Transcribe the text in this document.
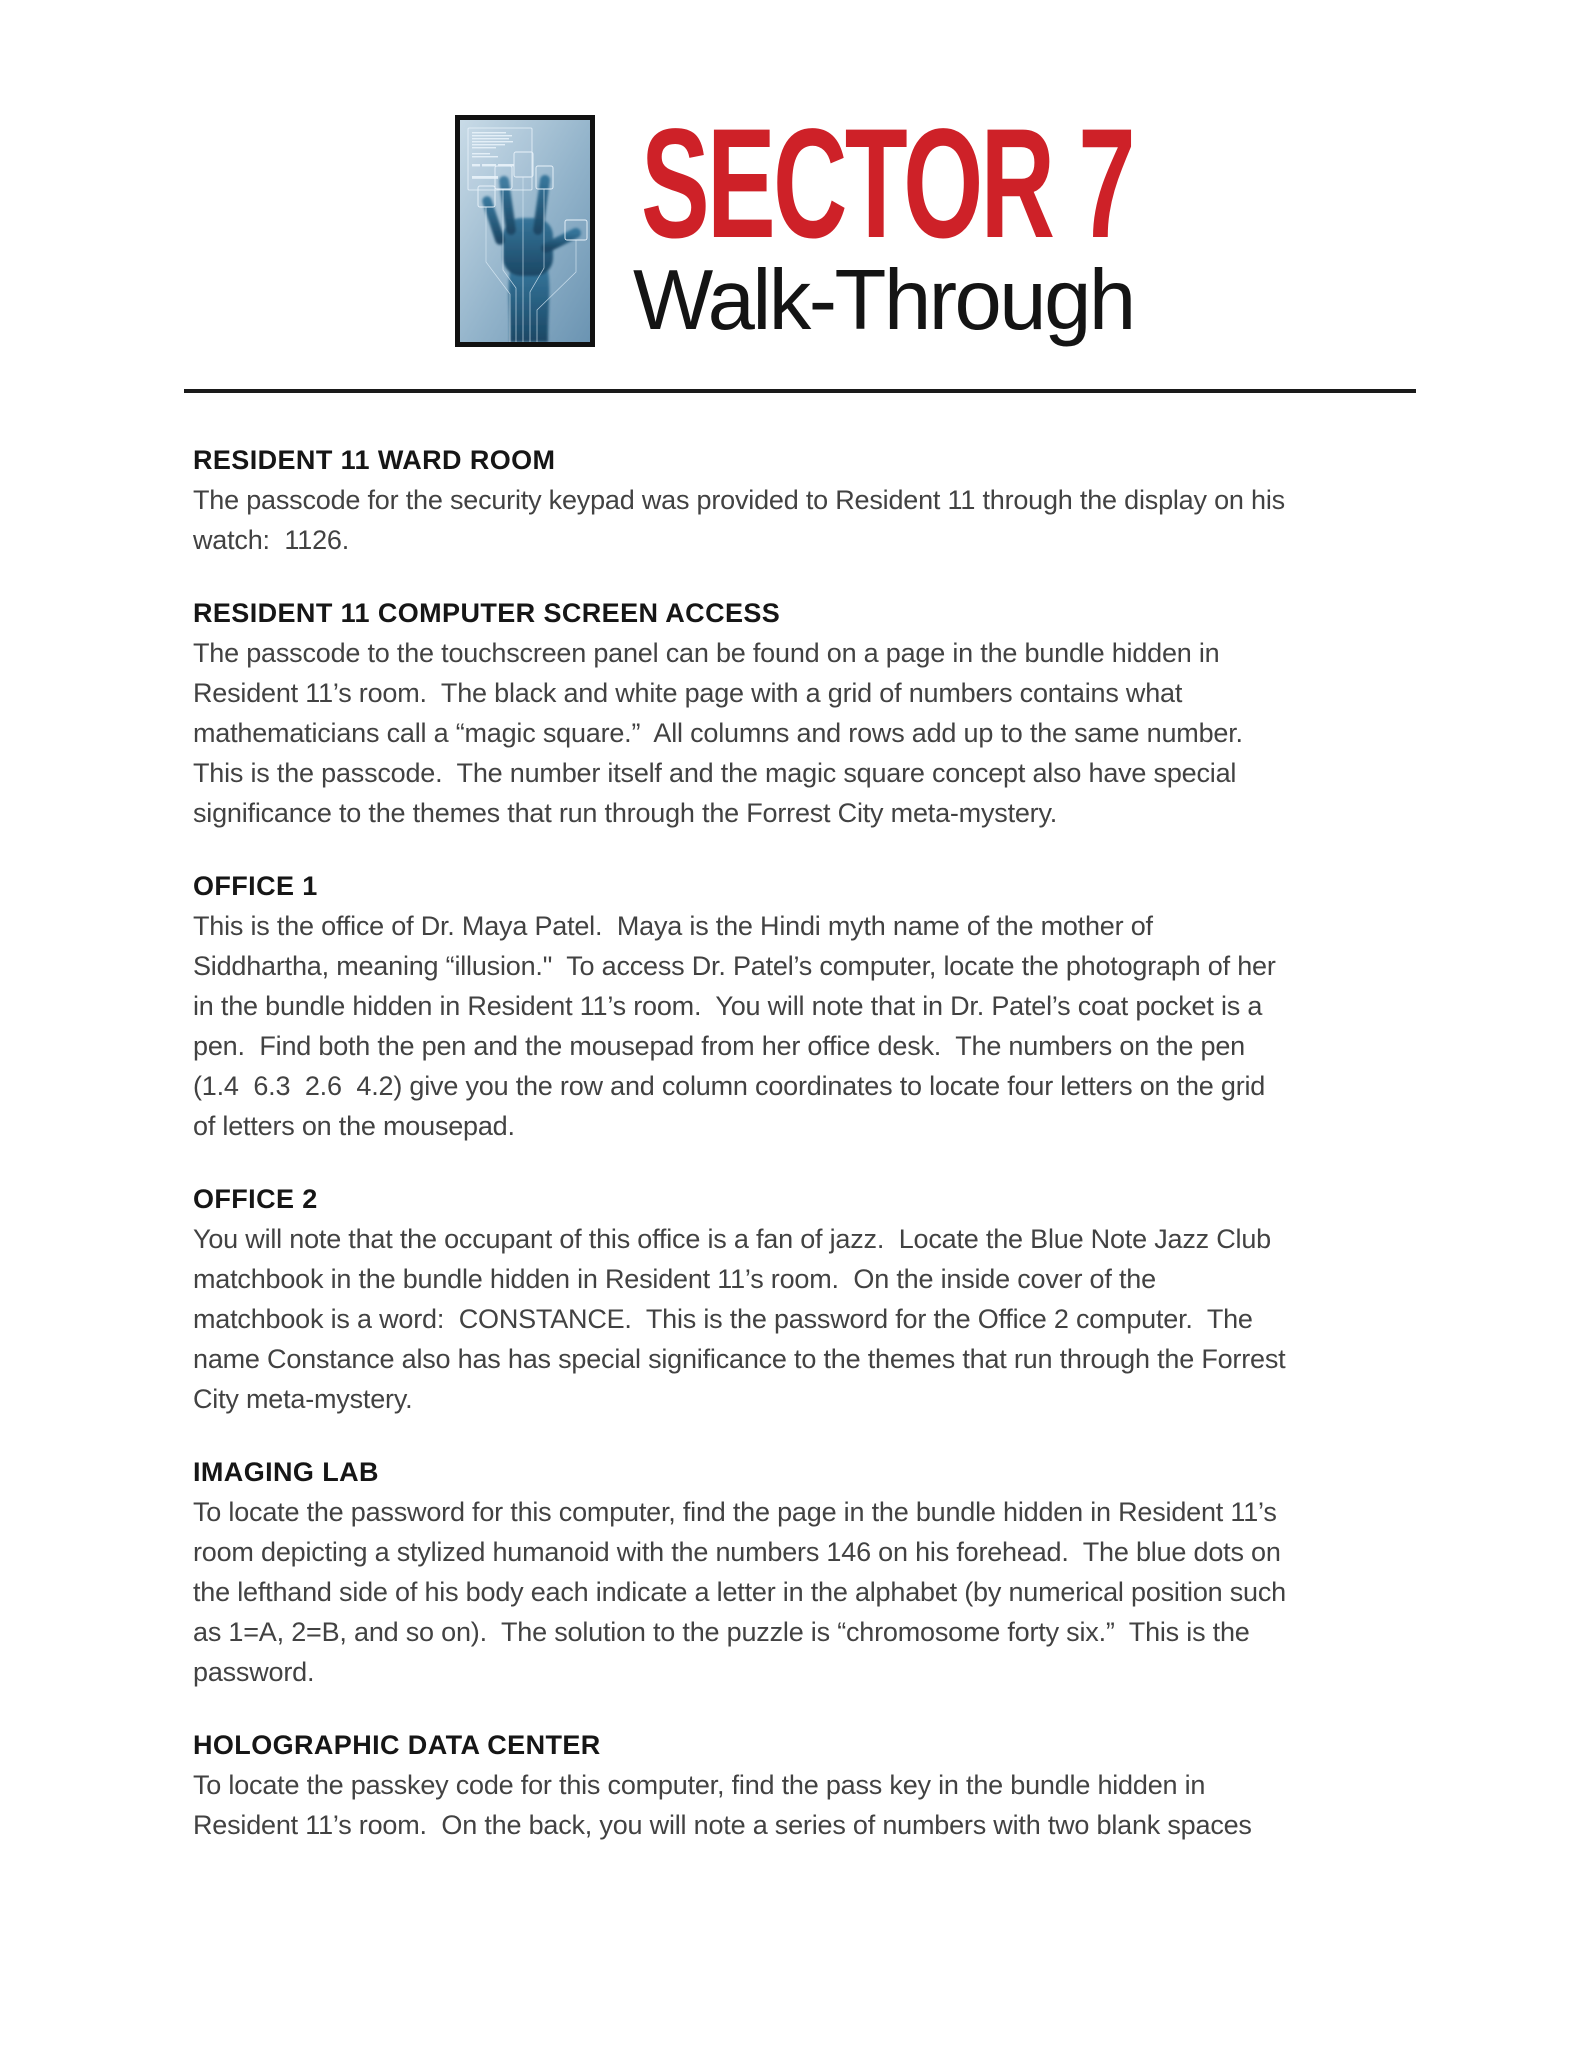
SECTOR 7
Walk-Through
RESIDENT 11 WARD ROOM
The passcode for the security keypad was provided to Resident 11 through the display on his
watch:  1126.
RESIDENT 11 COMPUTER SCREEN ACCESS
The passcode to the touchscreen panel can be found on a page in the bundle hidden in
Resident 11’s room.  The black and white page with a grid of numbers contains what
mathematicians call a “magic square.”  All columns and rows add up to the same number.
This is the passcode.  The number itself and the magic square concept also have special
significance to the themes that run through the Forrest City meta-mystery.
OFFICE 1
This is the office of Dr. Maya Patel.  Maya is the Hindi myth name of the mother of
Siddhartha, meaning “illusion."  To access Dr. Patel’s computer, locate the photograph of her
in the bundle hidden in Resident 11’s room.  You will note that in Dr. Patel’s coat pocket is a
pen.  Find both the pen and the mousepad from her office desk.  The numbers on the pen
(1.4  6.3  2.6  4.2) give you the row and column coordinates to locate four letters on the grid
of letters on the mousepad.
OFFICE 2
You will note that the occupant of this office is a fan of jazz.  Locate the Blue Note Jazz Club
matchbook in the bundle hidden in Resident 11’s room.  On the inside cover of the
matchbook is a word:  CONSTANCE.  This is the password for the Office 2 computer.  The
name Constance also has has special significance to the themes that run through the Forrest
City meta-mystery.
IMAGING LAB
To locate the password for this computer, find the page in the bundle hidden in Resident 11’s
room depicting a stylized humanoid with the numbers 146 on his forehead.  The blue dots on
the lefthand side of his body each indicate a letter in the alphabet (by numerical position such
as 1=A, 2=B, and so on).  The solution to the puzzle is “chromosome forty six.”  This is the
password.
HOLOGRAPHIC DATA CENTER
To locate the passkey code for this computer, find the pass key in the bundle hidden in
Resident 11’s room.  On the back, you will note a series of numbers with two blank spaces
